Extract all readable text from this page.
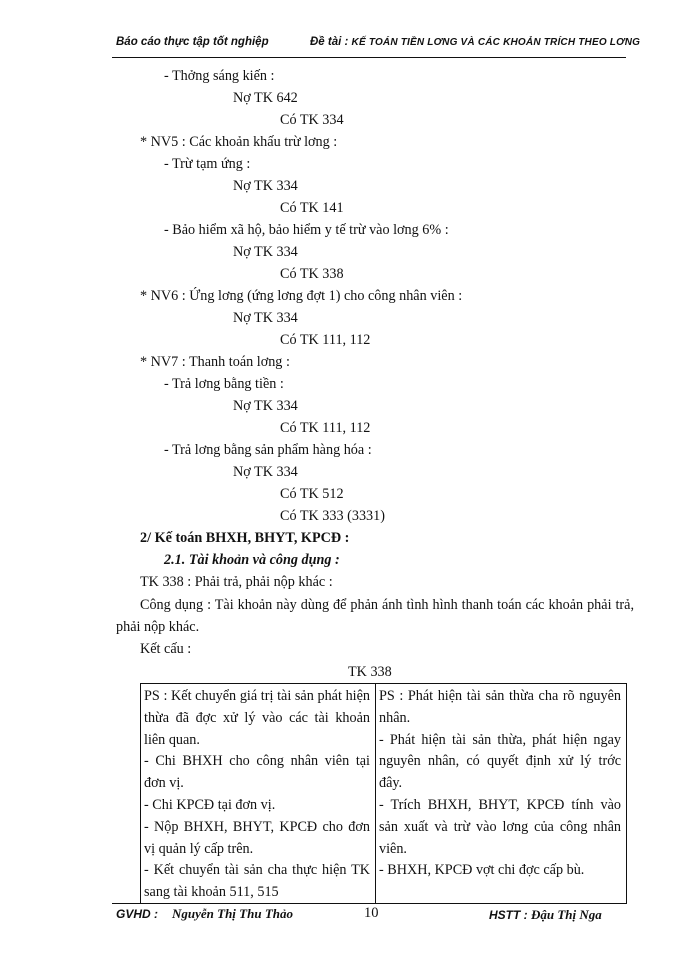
Báo cáo thực tập tốt nghiệp	Đề tài : KẾ TOÁN TIỀN LƠNG VÀ CÁC KHOẢN TRÍCH THEO LƠNG
- Thởng sáng kiến :
Nợ TK 642
Có TK 334
* NV5 : Các khoản khấu trừ lơng :
- Trừ tạm ứng :
Nợ TK 334
Có TK 141
- Bảo hiểm xã hộ, bảo hiểm y tế trừ vào lơng 6% :
Nợ TK 334
Có TK 338
* NV6 : Ứng lơng (ứng lơng đợt 1) cho công nhân viên :
Nợ TK 334
Có TK 111, 112
* NV7 : Thanh toán lơng :
- Trả lơng bằng tiền :
Nợ TK 334
Có TK 111, 112
- Trả lơng bằng sản phẩm hàng hóa :
Nợ TK 334
Có TK 512
Có TK 333 (3331)
2/ Kế toán BHXH, BHYT, KPCĐ :
2.1. Tài khoản và công dụng :
TK 338 : Phải trả, phải nộp khác :
Công dụng : Tài khoản này dùng để phản ánh tình hình thanh toán các khoản phải trả, phải nộp khác.
Kết cấu :
TK 338
PS : Kết chuyển giá trị tài sản phát hiện thừa đã đợc xử lý vào các tài khoản liên quan.
- Chi BHXH cho công nhân viên tại đơn vị.
- Chi KPCĐ tại đơn vị.
- Nộp BHXH, BHYT, KPCĐ cho đơn vị quản lý cấp trên.
- Kết chuyển tài sản cha thực hiện TK sang tài khoản 511, 515

PS : Phát hiện tài sản thừa cha rõ nguyên nhân.
- Phát hiện tài sản thừa, phát hiện ngay nguyên nhân, có quyết định xử lý trớc đây.
- Trích BHXH, BHYT, KPCĐ tính vào sản xuất và trừ vào lơng của công nhân viên.
- BHXH, KPCĐ vợt chi đợc cấp bù.
GVHD : Nguyễn Thị Thu Thảo	10	HSTT : Đậu Thị Nga
